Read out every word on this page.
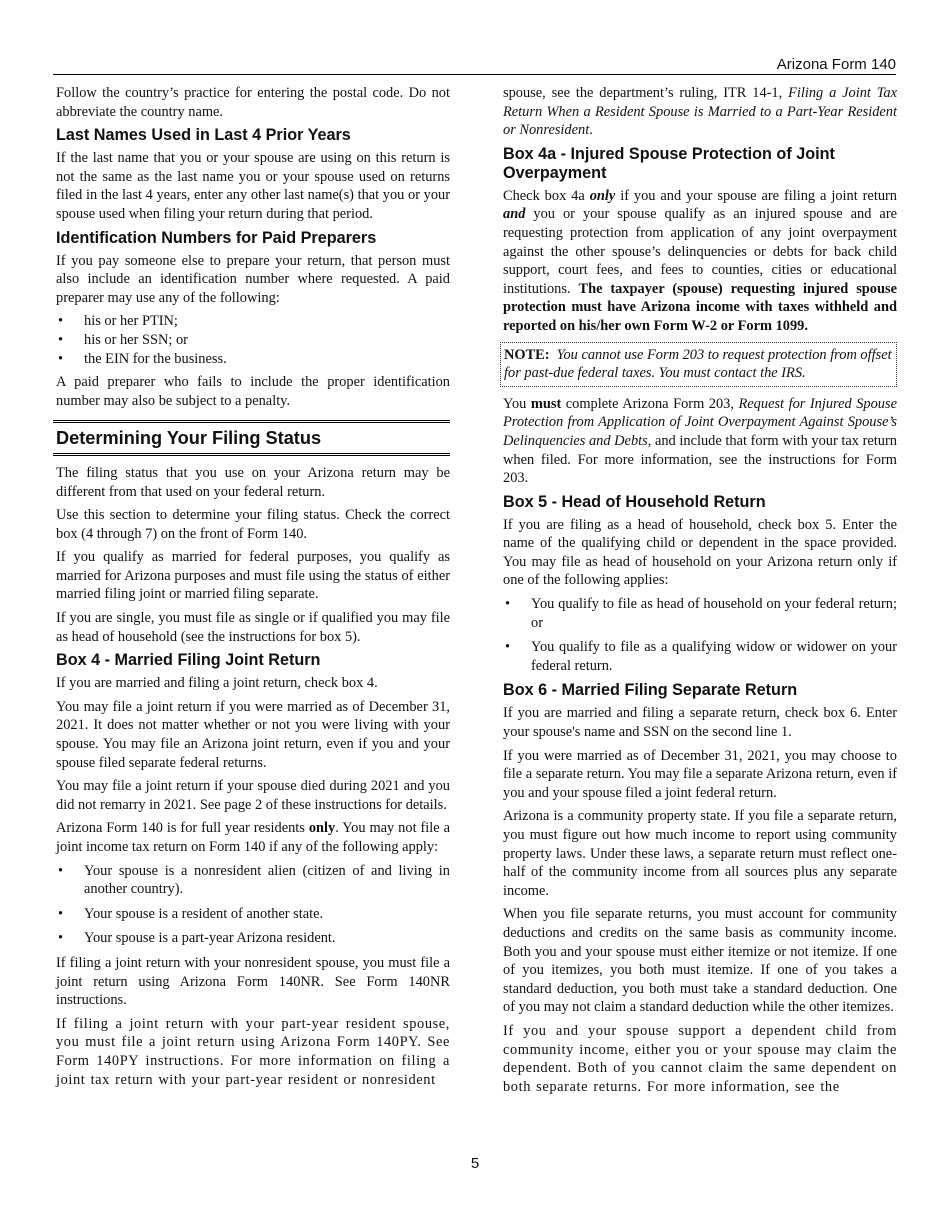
Arizona Form 140

Follow the country’s practice for entering the postal code. Do not abbreviate the country name.

Last Names Used in Last 4 Prior Years

If the last name that you or your spouse are using on this return is not the same as the last name you or your spouse used on returns filed in the last 4 years, enter any other last name(s) that you or your spouse used when filing your return during that period.

Identification Numbers for Paid Preparers

If you pay someone else to prepare your return, that person must also include an identification number where requested. A paid preparer may use any of the following:

• his or her PTIN;
• his or her SSN; or
• the EIN for the business.

A paid preparer who fails to include the proper identification number may also be subject to a penalty.

Determining Your Filing Status

The filing status that you use on your Arizona return may be different from that used on your federal return.

Use this section to determine your filing status. Check the correct box (4 through 7) on the front of Form 140.

If you qualify as married for federal purposes, you qualify as married for Arizona purposes and must file using the status of either married filing joint or married filing separate.

If you are single, you must file as single or if qualified you may file as head of household (see the instructions for box 5).

Box 4 - Married Filing Joint Return

If you are married and filing a joint return, check box 4.

You may file a joint return if you were married as of December 31, 2021. It does not matter whether or not you were living with your spouse. You may file an Arizona joint return, even if you and your spouse filed separate federal returns.

You may file a joint return if your spouse died during 2021 and you did not remarry in 2021. See page 2 of these instructions for details.

Arizona Form 140 is for full year residents only. You may not file a joint income tax return on Form 140 if any of the following apply:

• Your spouse is a nonresident alien (citizen of and living in another country).
• Your spouse is a resident of another state.
• Your spouse is a part-year Arizona resident.

If filing a joint return with your nonresident spouse, you must file a joint return using Arizona Form 140NR. See Form 140NR instructions.

If filing a joint return with your part-year resident spouse, you must file a joint return using Arizona Form 140PY. See Form 140PY instructions. For more information on filing a joint tax return with your part-year resident or nonresident

spouse, see the department’s ruling, ITR 14-1, Filing a Joint Tax Return When a Resident Spouse is Married to a Part-Year Resident or Nonresident.

Box 4a - Injured Spouse Protection of Joint Overpayment

Check box 4a only if you and your spouse are filing a joint return and you or your spouse qualify as an injured spouse and are requesting protection from application of any joint overpayment against the other spouse’s delinquencies or debts for back child support, court fees, and fees to counties, cities or educational institutions. The taxpayer (spouse) requesting injured spouse protection must have Arizona income with taxes withheld and reported on his/her own Form W-2 or Form 1099.

NOTE: You cannot use Form 203 to request protection from offset for past-due federal taxes. You must contact the IRS.

You must complete Arizona Form 203, Request for Injured Spouse Protection from Application of Joint Overpayment Against Spouse’s Delinquencies and Debts, and include that form with your tax return when filed. For more information, see the instructions for Form 203.

Box 5 - Head of Household Return

If you are filing as a head of household, check box 5. Enter the name of the qualifying child or dependent in the space provided. You may file as head of household on your Arizona return only if one of the following applies:

• You qualify to file as head of household on your federal return; or
• You qualify to file as a qualifying widow or widower on your federal return.
Box 6 - Married Filing Separate Return

If you are married and filing a separate return, check box 6. Enter your spouse's name and SSN on the second line 1.

If you were married as of December 31, 2021, you may choose to file a separate return. You may file a separate Arizona return, even if you and your spouse filed a joint federal return.

Arizona is a community property state. If you file a separate return, you must figure out how much income to report using community property laws. Under these laws, a separate return must reflect one-half of the community income from all sources plus any separate income.

When you file separate returns, you must account for community deductions and credits on the same basis as community income. Both you and your spouse must either itemize or not itemize. If one of you itemizes, you both must itemize. If one of you takes a standard deduction, you both must take a standard deduction. One of you may not claim a standard deduction while the other itemizes.

If you and your spouse support a dependent child from community income, either you or your spouse may claim the dependent. Both of you cannot claim the same dependent on both separate returns. For more information, see the

5
